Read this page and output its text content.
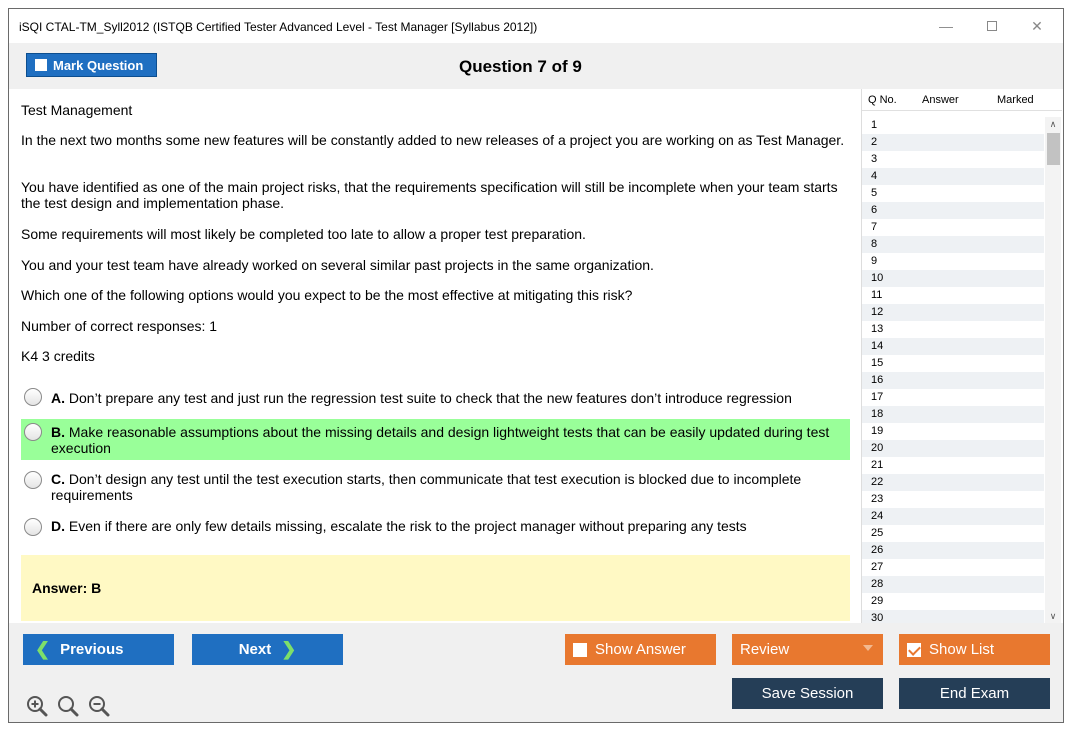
iSQI CTAL-TM_Syll2012 (ISTQB Certified Tester Advanced Level - Test Manager [Syllabus 2012])	—	✕
Mark Question	Question 7 of 9

Test Management

In the next two months some new features will be constantly added to new releases of a project you are working on as Test Manager.

You have identified as one of the main project risks, that the requirements specification will still be incomplete when your team starts the test design and implementation phase.

Some requirements will most likely be completed too late to allow a proper test preparation.

You and your test team have already worked on several similar past projects in the same organization.

Which one of the following options would you expect to be the most effective at mitigating this risk?

Number of correct responses: 1

K4 3 credits

A. Don’t prepare any test and just run the regression test suite to check that the new features don’t introduce regression
B. Make reasonable assumptions about the missing details and design lightweight tests that can be easily updated during test execution
C. Don’t design any test until the test execution starts, then communicate that test execution is blocked due to incomplete requirements
D. Even if there are only few details missing, escalate the risk to the project manager without preparing any tests
Answer: B
Q No. Answer	Marked
1
2
3
4
5
6
7
8
9
10
11
12
13
14
15
16
17
18
19
20
21
22
23
24
25
26
27
28
29
30
∧
∨
❮ Previous	Next ❯	Show Answer	Review	Show List
Save Session	End Exam
